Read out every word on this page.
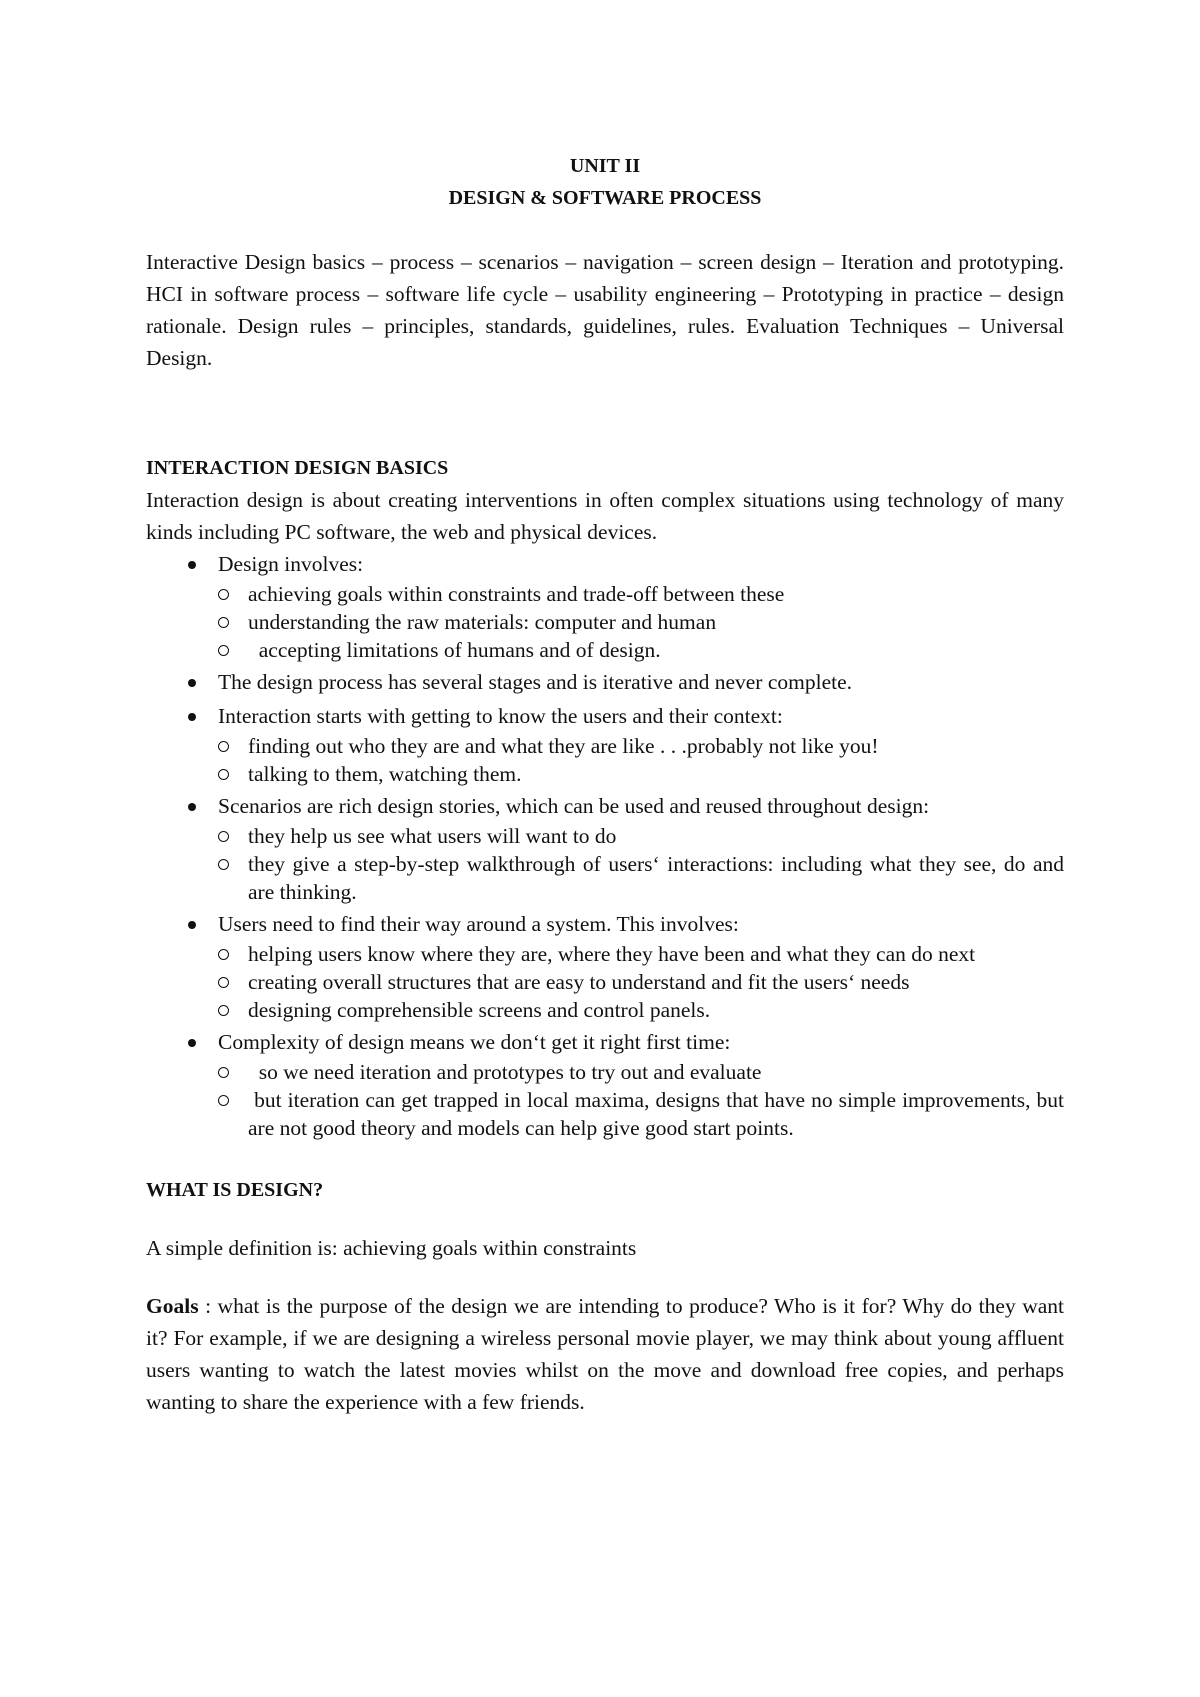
UNIT II
DESIGN & SOFTWARE PROCESS

Interactive Design basics – process – scenarios – navigation – screen design – Iteration and prototyping. HCI in software process – software life cycle – usability engineering – Prototyping in practice – design rationale. Design rules – principles, standards, guidelines, rules. Evaluation Techniques – Universal Design.

INTERACTION DESIGN BASICS

Interaction design is about creating interventions in often complex situations using technology of many kinds including PC software, the web and physical devices.

Design involves:
achieving goals within constraints and trade-off between these
understanding the raw materials: computer and human
accepting limitations of humans and of design.
The design process has several stages and is iterative and never complete.
Interaction starts with getting to know the users and their context:
finding out who they are and what they are like . . .probably not like you!
talking to them, watching them.
Scenarios are rich design stories, which can be used and reused throughout design:
they help us see what users will want to do
they give a step-by-step walkthrough of users‘ interactions: including what they see, do and are thinking.
Users need to find their way around a system. This involves:
helping users know where they are, where they have been and what they can do next
creating overall structures that are easy to understand and fit the users‘ needs
designing comprehensible screens and control panels.
Complexity of design means we don‘t get it right first time:
so we need iteration and prototypes to try out and evaluate
but iteration can get trapped in local maxima, designs that have no simple improvements, but are not good theory and models can help give good start points.
WHAT IS DESIGN?

A simple definition is: achieving goals within constraints

Goals : what is the purpose of the design we are intending to produce? Who is it for? Why do they want it? For example, if we are designing a wireless personal movie player, we may think about young affluent users wanting to watch the latest movies whilst on the move and download free copies, and perhaps wanting to share the experience with a few friends.
